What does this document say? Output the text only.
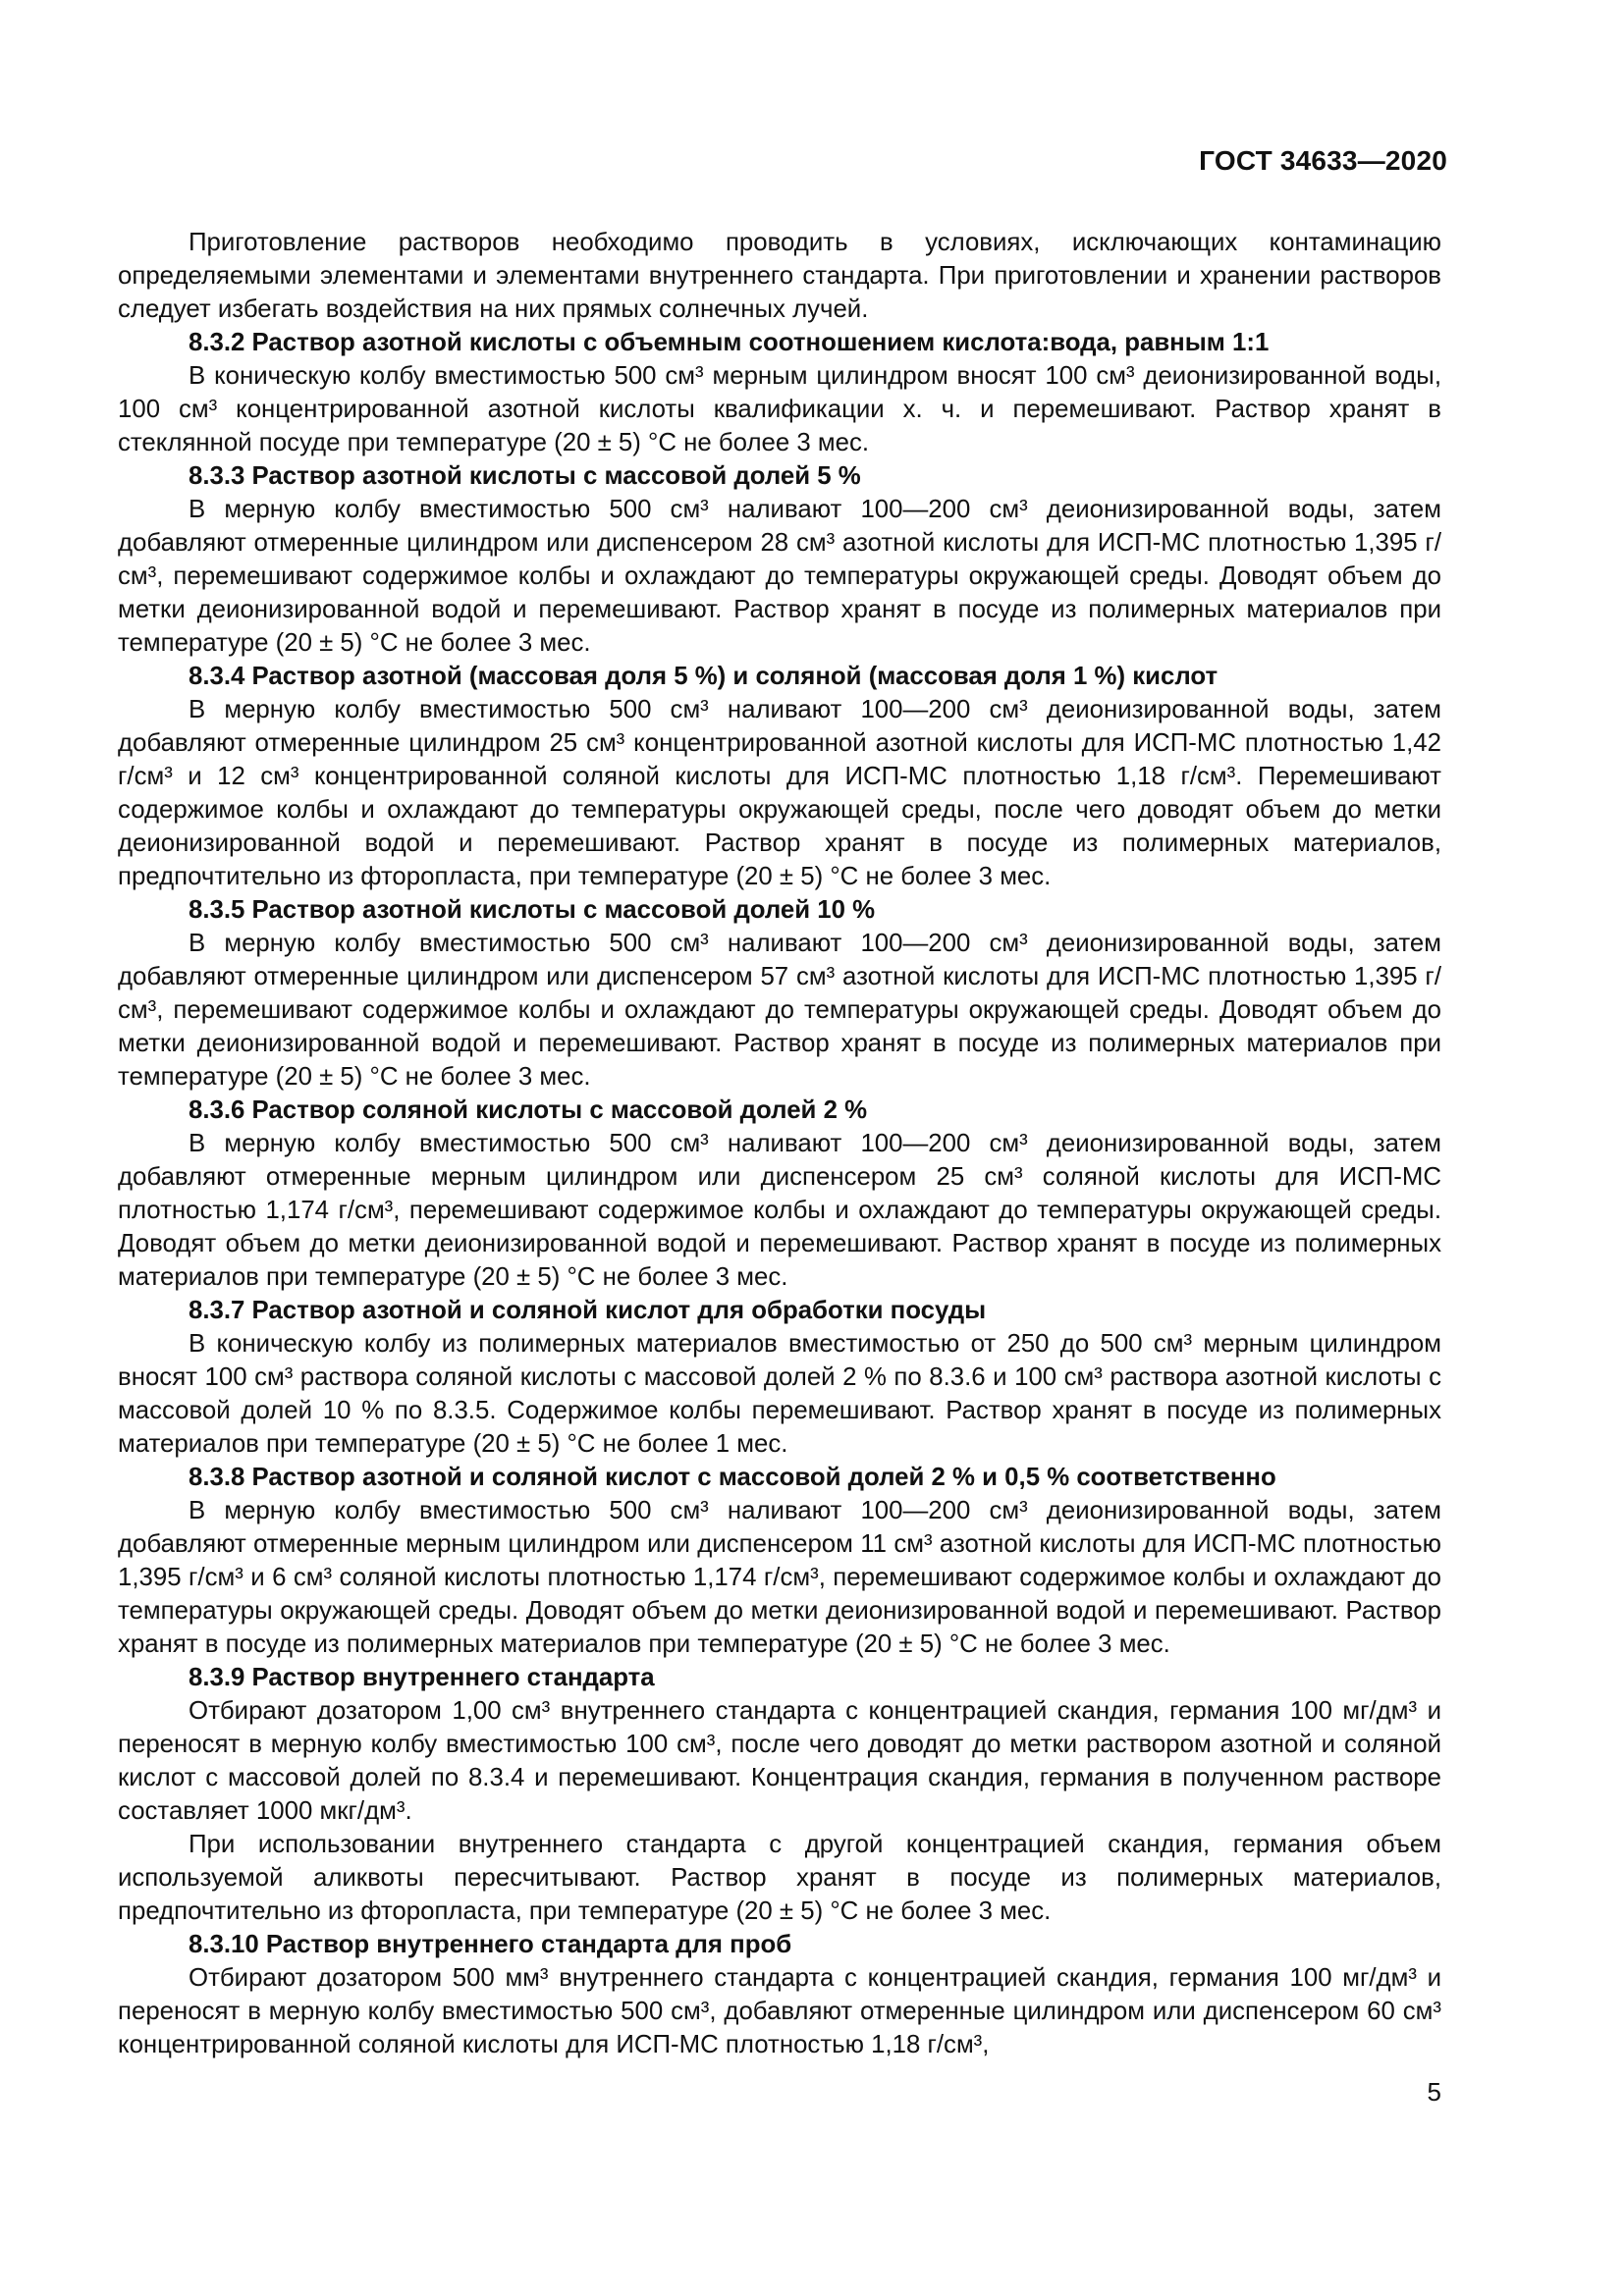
ГОСТ 34633—2020

Приготовление растворов необходимо проводить в условиях, исключающих контаминацию определяемыми элементами и элементами внутреннего стандарта. При приготовлении и хранении растворов следует избегать воздействия на них прямых солнечных лучей.

8.3.2 Раствор азотной кислоты с объемным соотношением кислота:вода, равным 1:1

В коническую колбу вместимостью 500 см³ мерным цилиндром вносят 100 см³ деионизированной воды, 100 см³ концентрированной азотной кислоты квалификации х. ч. и перемешивают. Раствор хранят в стеклянной посуде при температуре (20 ± 5) °С не более 3 мес.

8.3.3 Раствор азотной кислоты с массовой долей 5 %

В мерную колбу вместимостью 500 см³ наливают 100—200 см³ деионизированной воды, затем добавляют отмеренные цилиндром или диспенсером 28 см³ азотной кислоты для ИСП-МС плотностью 1,395 г/см³, перемешивают содержимое колбы и охлаждают до температуры окружающей среды. Доводят объем до метки деионизированной водой и перемешивают. Раствор хранят в посуде из полимерных материалов при температуре (20 ± 5) °С не более 3 мес.

8.3.4 Раствор азотной (массовая доля 5 %) и соляной (массовая доля 1 %) кислот

В мерную колбу вместимостью 500 см³ наливают 100—200 см³ деионизированной воды, затем добавляют отмеренные цилиндром 25 см³ концентрированной азотной кислоты для ИСП-МС плотностью 1,42 г/см³ и 12 см³ концентрированной соляной кислоты для ИСП-МС плотностью 1,18 г/см³. Перемешивают содержимое колбы и охлаждают до температуры окружающей среды, после чего доводят объем до метки деионизированной водой и перемешивают. Раствор хранят в посуде из полимерных материалов, предпочтительно из фторопласта, при температуре (20 ± 5) °С не более 3 мес.

8.3.5 Раствор азотной кислоты с массовой долей 10 %

В мерную колбу вместимостью 500 см³ наливают 100—200 см³ деионизированной воды, затем добавляют отмеренные цилиндром или диспенсером 57 см³ азотной кислоты для ИСП-МС плотностью 1,395 г/см³, перемешивают содержимое колбы и охлаждают до температуры окружающей среды. Доводят объем до метки деионизированной водой и перемешивают. Раствор хранят в посуде из полимерных материалов при температуре (20 ± 5) °С не более 3 мес.

8.3.6 Раствор соляной кислоты с массовой долей 2 %

В мерную колбу вместимостью 500 см³ наливают 100—200 см³ деионизированной воды, затем добавляют отмеренные мерным цилиндром или диспенсером 25 см³ соляной кислоты для ИСП-МС плотностью 1,174 г/см³, перемешивают содержимое колбы и охлаждают до температуры окружающей среды. Доводят объем до метки деионизированной водой и перемешивают. Раствор хранят в посуде из полимерных материалов при температуре (20 ± 5) °С не более 3 мес.

8.3.7 Раствор азотной и соляной кислот для обработки посуды

В коническую колбу из полимерных материалов вместимостью от 250 до 500 см³ мерным цилиндром вносят 100 см³ раствора соляной кислоты с массовой долей 2 % по 8.3.6 и 100 см³ раствора азотной кислоты с массовой долей 10 % по 8.3.5. Содержимое колбы перемешивают. Раствор хранят в посуде из полимерных материалов при температуре (20 ± 5) °С не более 1 мес.

8.3.8 Раствор азотной и соляной кислот с массовой долей 2 % и 0,5 % соответственно

В мерную колбу вместимостью 500 см³ наливают 100—200 см³ деионизированной воды, затем добавляют отмеренные мерным цилиндром или диспенсером 11 см³ азотной кислоты для ИСП-МС плотностью 1,395 г/см³ и 6 см³ соляной кислоты плотностью 1,174 г/см³, перемешивают содержимое колбы и охлаждают до температуры окружающей среды. Доводят объем до метки деионизированной водой и перемешивают. Раствор хранят в посуде из полимерных материалов при температуре (20 ± 5) °С не более 3 мес.

8.3.9 Раствор внутреннего стандарта

Отбирают дозатором 1,00 см³ внутреннего стандарта с концентрацией скандия, германия 100 мг/дм³ и переносят в мерную колбу вместимостью 100 см³, после чего доводят до метки раствором азотной и соляной кислот с массовой долей по 8.3.4 и перемешивают. Концентрация скандия, германия в полученном растворе составляет 1000 мкг/дм³.

При использовании внутреннего стандарта с другой концентрацией скандия, германия объем используемой аликвоты пересчитывают. Раствор хранят в посуде из полимерных материалов, предпочтительно из фторопласта, при температуре (20 ± 5) °С не более 3 мес.

8.3.10 Раствор внутреннего стандарта для проб

Отбирают дозатором 500 мм³ внутреннего стандарта с концентрацией скандия, германия 100 мг/дм³ и переносят в мерную колбу вместимостью 500 см³, добавляют отмеренные цилиндром или диспенсером 60 см³ концентрированной соляной кислоты для ИСП-МС плотностью 1,18 г/см³,

5
